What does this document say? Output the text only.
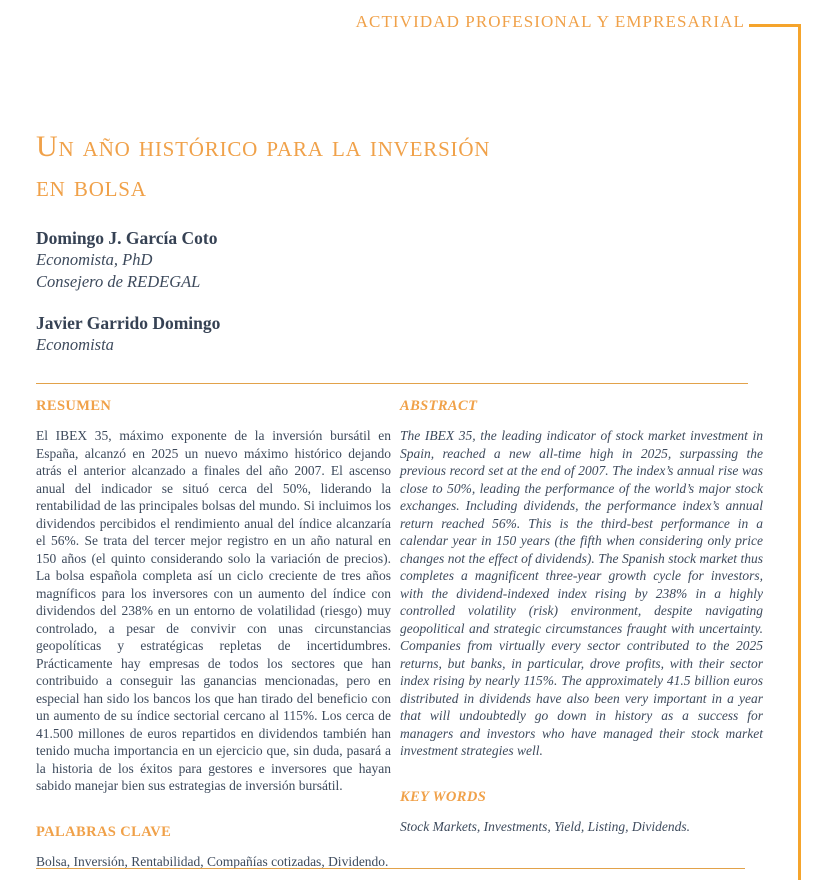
ACTIVIDAD PROFESIONAL Y EMPRESARIAL
Un año histórico para la inversión
en bolsa
Domingo J. García Coto
Economista, PhD
Consejero de REDEGAL
Javier Garrido Domingo
Economista
RESUMEN

El IBEX 35, máximo exponente de la inversión bursátil en España, alcanzó en 2025 un nuevo máximo histórico dejando atrás el anterior alcanzado a finales del año 2007. El ascenso anual del indicador se situó cerca del 50%, liderando la rentabilidad de las principales bolsas del mundo. Si incluimos los dividendos percibidos el rendimiento anual del índice alcanzaría el 56%. Se trata del tercer mejor registro en un año natural en 150 años (el quinto considerando solo la variación de precios). La bolsa española completa así un ciclo creciente de tres años magníficos para los inversores con un aumento del índice con dividendos del 238% en un entorno de volatilidad (riesgo) muy controlado, a pesar de convivir con unas circunstancias geopolíticas y estratégicas repletas de incertidumbres. Prácticamente hay empresas de todos los sectores que han contribuido a conseguir las ganancias mencionadas, pero en especial han sido los bancos los que han tirado del beneficio con un aumento de su índice sectorial cercano al 115%. Los cerca de 41.500 millones de euros repartidos en dividendos también han tenido mucha importancia en un ejercicio que, sin duda, pasará a la historia de los éxitos para gestores e inversores que hayan sabido manejar bien sus estrategias de inversión bursátil.

PALABRAS CLAVE

Bolsa, Inversión, Rentabilidad, Compañías cotizadas, Dividendo.

ABSTRACT

The IBEX 35, the leading indicator of stock market investment in Spain, reached a new all-time high in 2025, surpassing the previous record set at the end of 2007. The index’s annual rise was close to 50%, leading the performance of the world’s major stock exchanges. Including dividends, the performance index’s annual return reached 56%. This is the third-best performance in a calendar year in 150 years (the fifth when considering only price changes not the effect of dividends). The Spanish stock market thus completes a magnificent three-year growth cycle for investors, with the dividend-indexed index rising by 238% in a highly controlled volatility (risk) environment, despite navigating geopolitical and strategic circumstances fraught with uncertainty. Companies from virtually every sector contributed to the 2025 returns, but banks, in particular, drove profits, with their sector index rising by nearly 115%. The approximately 41.5 billion euros distributed in dividends have also been very important in a year that will undoubtedly go down in history as a success for managers and investors who have managed their stock market investment strategies well.

KEY WORDS

Stock Markets, Investments, Yield, Listing, Dividends.
